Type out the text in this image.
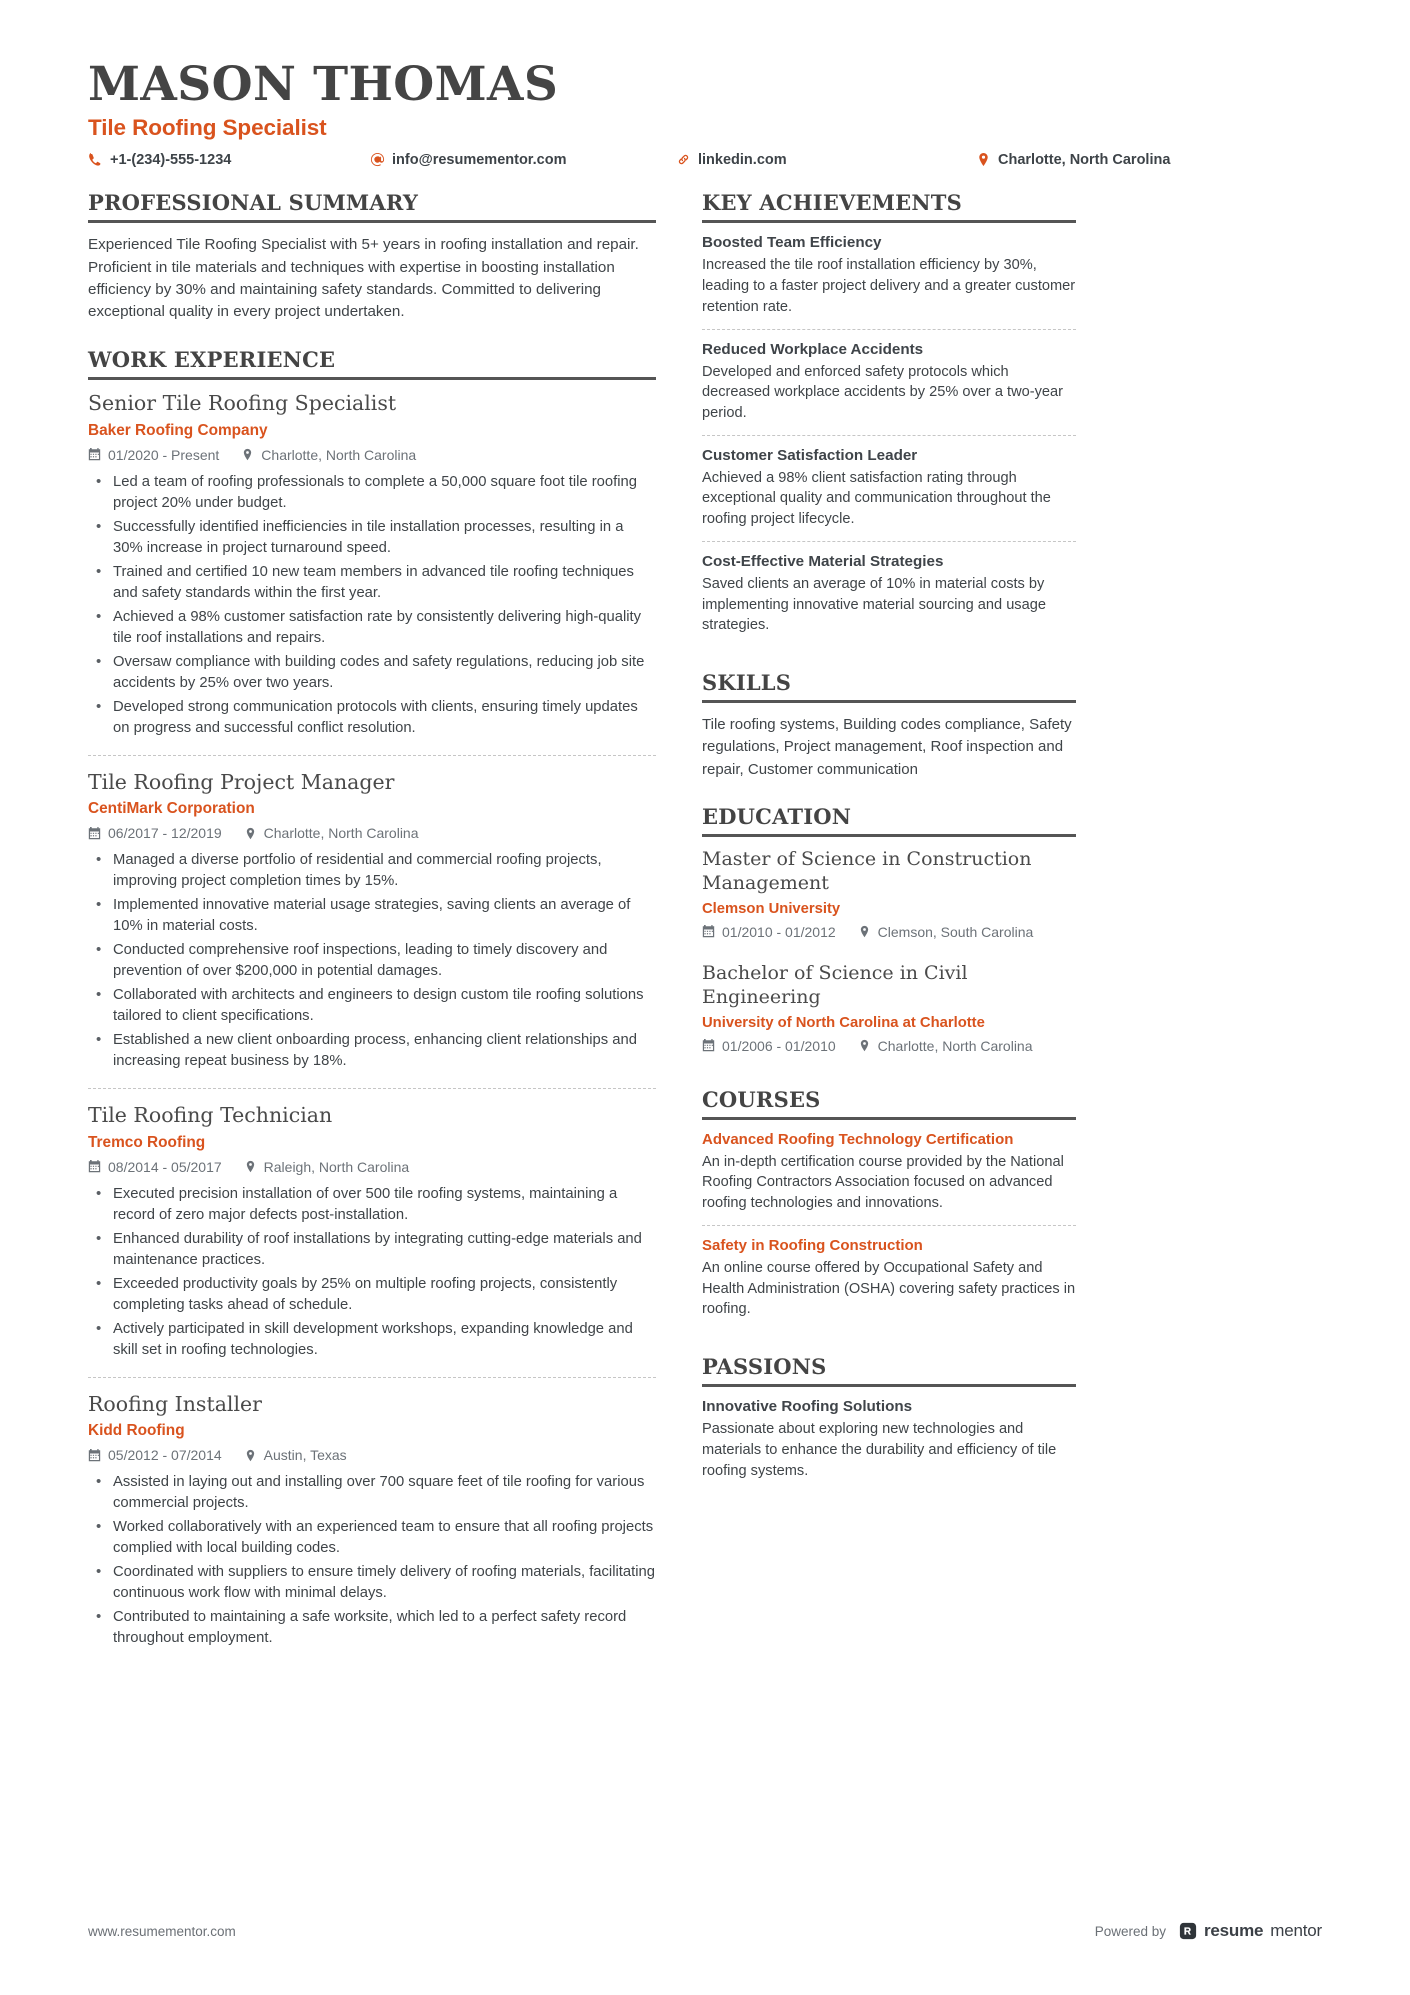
MASON THOMAS
Tile Roofing Specialist
+1-(234)-555-1234	info@resumementor.com	linkedin.com	Charlotte, North Carolina
PROFESSIONAL SUMMARY
Experienced Tile Roofing Specialist with 5+ years in roofing installation and repair. Proficient in tile materials and techniques with expertise in boosting installation efficiency by 30% and maintaining safety standards. Committed to delivering exceptional quality in every project undertaken.
WORK EXPERIENCE
Senior Tile Roofing Specialist
Baker Roofing Company
01/2020 - Present	Charlotte, North Carolina
• Led a team of roofing professionals to complete a 50,000 square foot tile roofing project 20% under budget.
• Successfully identified inefficiencies in tile installation processes, resulting in a 30% increase in project turnaround speed.
• Trained and certified 10 new team members in advanced tile roofing techniques and safety standards within the first year.
• Achieved a 98% customer satisfaction rate by consistently delivering high-quality tile roof installations and repairs.
• Oversaw compliance with building codes and safety regulations, reducing job site accidents by 25% over two years.
• Developed strong communication protocols with clients, ensuring timely updates on progress and successful conflict resolution.
Tile Roofing Project Manager
CentiMark Corporation
06/2017 - 12/2019	Charlotte, North Carolina
• Managed a diverse portfolio of residential and commercial roofing projects, improving project completion times by 15%.
• Implemented innovative material usage strategies, saving clients an average of 10% in material costs.
• Conducted comprehensive roof inspections, leading to timely discovery and prevention of over $200,000 in potential damages.
• Collaborated with architects and engineers to design custom tile roofing solutions tailored to client specifications.
• Established a new client onboarding process, enhancing client relationships and increasing repeat business by 18%.
Tile Roofing Technician
Tremco Roofing
08/2014 - 05/2017	Raleigh, North Carolina
• Executed precision installation of over 500 tile roofing systems, maintaining a record of zero major defects post-installation.
• Enhanced durability of roof installations by integrating cutting-edge materials and maintenance practices.
• Exceeded productivity goals by 25% on multiple roofing projects, consistently completing tasks ahead of schedule.
• Actively participated in skill development workshops, expanding knowledge and skill set in roofing technologies.
Roofing Installer
Kidd Roofing
05/2012 - 07/2014	Austin, Texas
• Assisted in laying out and installing over 700 square feet of tile roofing for various commercial projects.
• Worked collaboratively with an experienced team to ensure that all roofing projects complied with local building codes.
• Coordinated with suppliers to ensure timely delivery of roofing materials, facilitating continuous work flow with minimal delays.
• Contributed to maintaining a safe worksite, which led to a perfect safety record throughout employment.
KEY ACHIEVEMENTS
Boosted Team Efficiency
Increased the tile roof installation efficiency by 30%, leading to a faster project delivery and a greater customer retention rate.
Reduced Workplace Accidents
Developed and enforced safety protocols which decreased workplace accidents by 25% over a two-year period.
Customer Satisfaction Leader
Achieved a 98% client satisfaction rating through exceptional quality and communication throughout the roofing project lifecycle.
Cost-Effective Material Strategies
Saved clients an average of 10% in material costs by implementing innovative material sourcing and usage strategies.
SKILLS
Tile roofing systems, Building codes compliance, Safety regulations, Project management, Roof inspection and repair, Customer communication
EDUCATION
Master of Science in Construction Management
Clemson University
01/2010 - 01/2012	Clemson, South Carolina
Bachelor of Science in Civil Engineering
University of North Carolina at Charlotte
01/2006 - 01/2010	Charlotte, North Carolina
COURSES
Advanced Roofing Technology Certification
An in-depth certification course provided by the National Roofing Contractors Association focused on advanced roofing technologies and innovations.
Safety in Roofing Construction
An online course offered by Occupational Safety and Health Administration (OSHA) covering safety practices in roofing.
PASSIONS
Innovative Roofing Solutions
Passionate about exploring new technologies and materials to enhance the durability and efficiency of tile roofing systems.
www.resumementor.com	Powered by resume mentor
